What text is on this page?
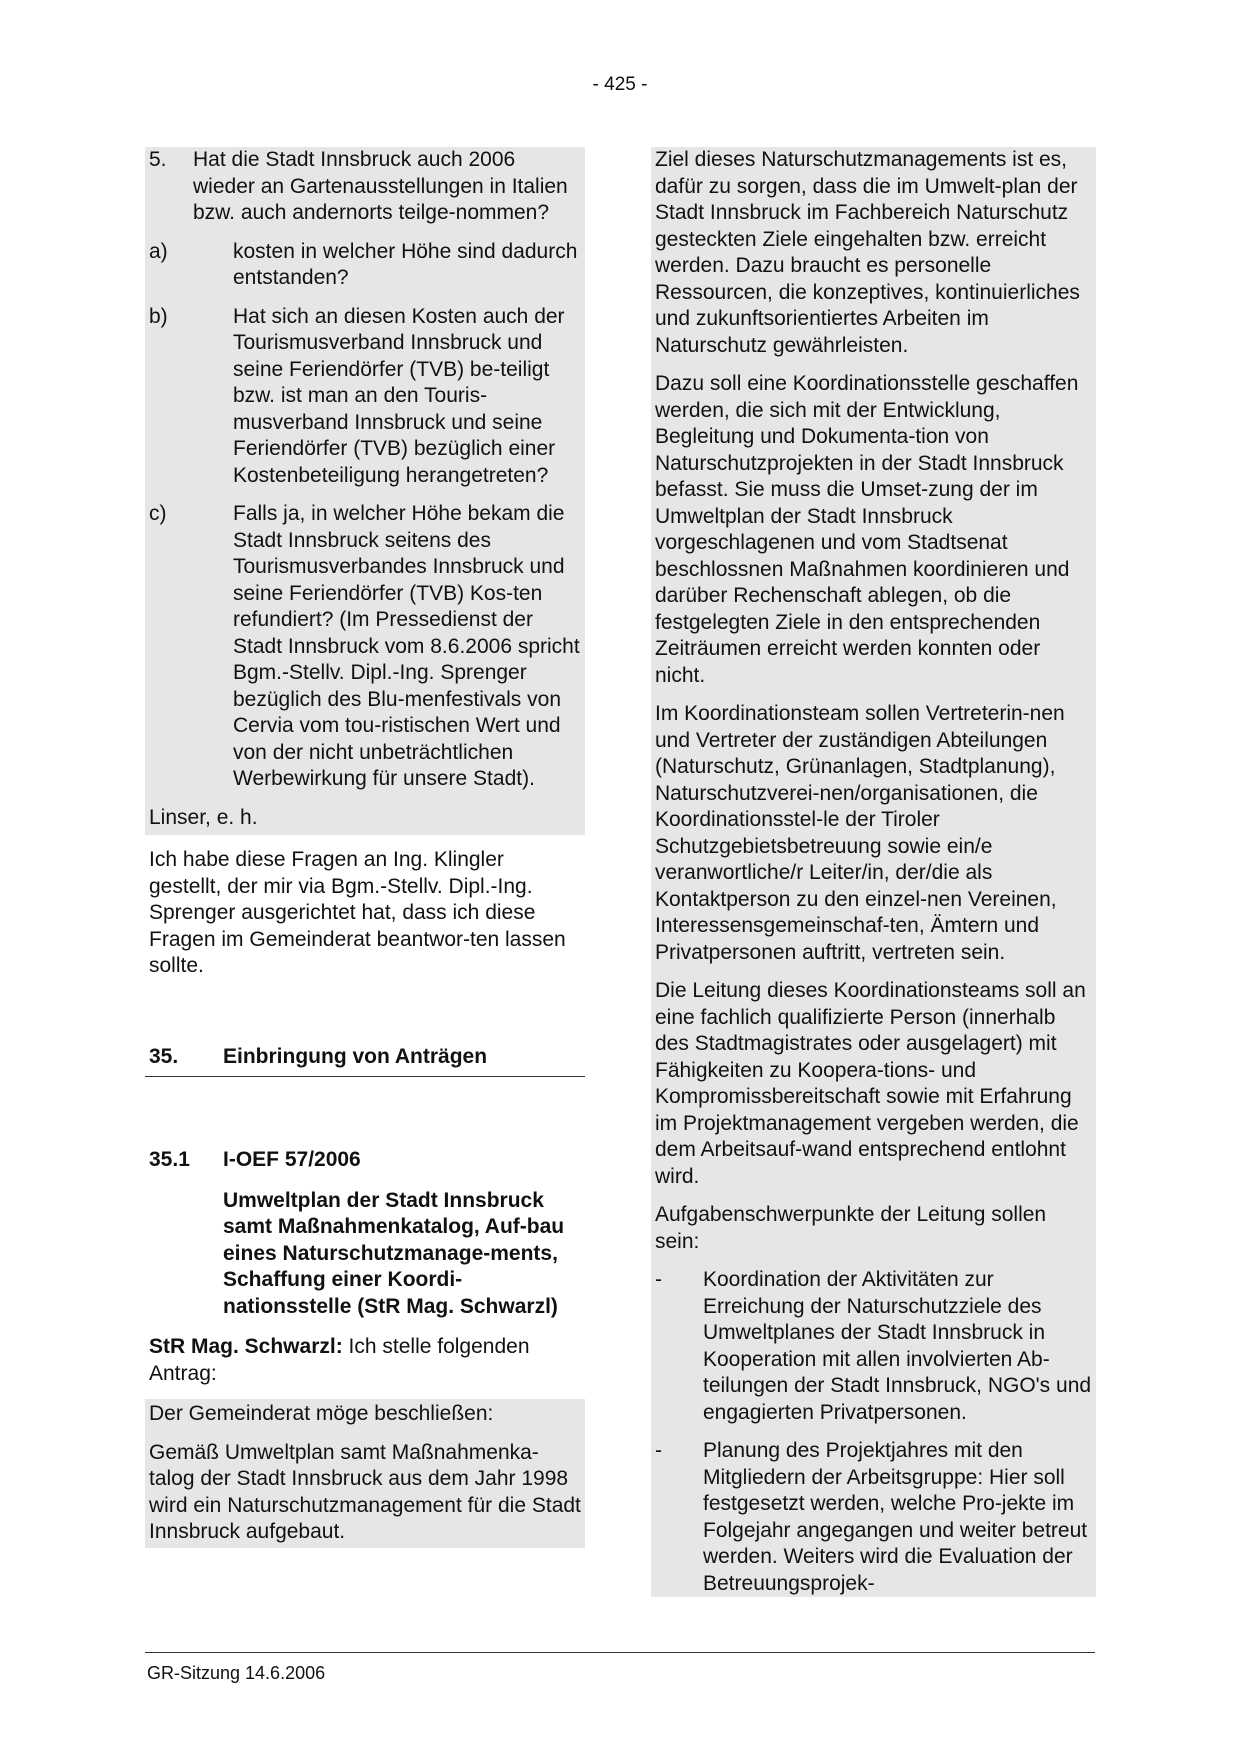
- 425 -
5.	Hat die Stadt Innsbruck auch 2006 wieder an Gartenausstellungen in Italien bzw. auch andernorts teilge-nommen?
a)	kosten in welcher Höhe sind dadurch entstanden?
b)	Hat sich an diesen Kosten auch der Tourismusverband Innsbruck und seine Feriendörfer (TVB) be-teiligt bzw. ist man an den Touris-musverband Innsbruck und seine Feriendörfer (TVB) bezüglich einer Kostenbeteiligung herangetreten?
c)	Falls ja, in welcher Höhe bekam die Stadt Innsbruck seitens des Tourismusverbandes Innsbruck und seine Feriendörfer (TVB) Kos-ten refundiert? (Im Pressedienst der Stadt Innsbruck vom 8.6.2006 spricht Bgm.-Stellv. Dipl.-Ing. Sprenger bezüglich des Blu-menfestivals von Cervia vom tou-ristischen Wert und von der nicht unbeträchtlichen Werbewirkung für unsere Stadt).
Linser, e. h.
Ich habe diese Fragen an Ing. Klingler gestellt, der mir via Bgm.-Stellv. Dipl.-Ing. Sprenger ausgerichtet hat, dass ich diese Fragen im Gemeinderat beantwor-ten lassen sollte.
35.	Einbringung von Anträgen
35.1	I-OEF 57/2006
Umweltplan der Stadt Innsbruck samt Maßnahmenkatalog, Auf-bau eines Naturschutzmanage-ments, Schaffung einer Koordi-nationsstelle (StR Mag. Schwarzl)
StR Mag. Schwarzl: Ich stelle folgenden Antrag:
Der Gemeinderat möge beschließen:
Gemäß Umweltplan samt Maßnahmenka-talog der Stadt Innsbruck aus dem Jahr 1998 wird ein Naturschutzmanagement für die Stadt Innsbruck aufgebaut.
Ziel dieses Naturschutzmanagements ist es, dafür zu sorgen, dass die im Umwelt-plan der Stadt Innsbruck im Fachbereich Naturschutz gesteckten Ziele eingehalten bzw. erreicht werden. Dazu braucht es personelle Ressourcen, die konzeptives, kontinuierliches und zukunftsorientiertes Arbeiten im Naturschutz gewährleisten.
Dazu soll eine Koordinationsstelle geschaffen werden, die sich mit der Entwicklung, Begleitung und Dokumenta-tion von Naturschutzprojekten in der Stadt Innsbruck befasst. Sie muss die Umset-zung der im Umweltplan der Stadt Innsbruck vorgeschlagenen und vom Stadtsenat beschlossnen Maßnahmen koordinieren und darüber Rechenschaft ablegen, ob die festgelegten Ziele in den entsprechenden Zeiträumen erreicht werden konnten oder nicht.
Im Koordinationsteam sollen Vertreterin-nen und Vertreter der zuständigen Abteilungen (Naturschutz, Grünanlagen, Stadtplanung), Naturschutzverei-nen/organisationen, die Koordinationsstel-le der Tiroler Schutzgebietsbetreuung sowie ein/e veranwortliche/r Leiter/in, der/die als Kontaktperson zu den einzel-nen Vereinen, Interessensgemeinschaf-ten, Ämtern und Privatpersonen auftritt, vertreten sein.
Die Leitung dieses Koordinationsteams soll an eine fachlich qualifizierte Person (innerhalb des Stadtmagistrates oder ausgelagert) mit Fähigkeiten zu Koopera-tions- und Kompromissbereitschaft sowie mit Erfahrung im Projektmanagement vergeben werden, die dem Arbeitsauf-wand entsprechend entlohnt wird.
Aufgabenschwerpunkte der Leitung sollen sein:
-	Koordination der Aktivitäten zur Erreichung der Naturschutzziele des Umweltplanes der Stadt Innsbruck in Kooperation mit allen involvierten Ab-teilungen der Stadt Innsbruck, NGO's und engagierten Privatpersonen.
-	Planung des Projektjahres mit den Mitgliedern der Arbeitsgruppe: Hier soll festgesetzt werden, welche Pro-jekte im Folgejahr angegangen und weiter betreut werden. Weiters wird die Evaluation der Betreuungsprojek-
GR-Sitzung 14.6.2006
